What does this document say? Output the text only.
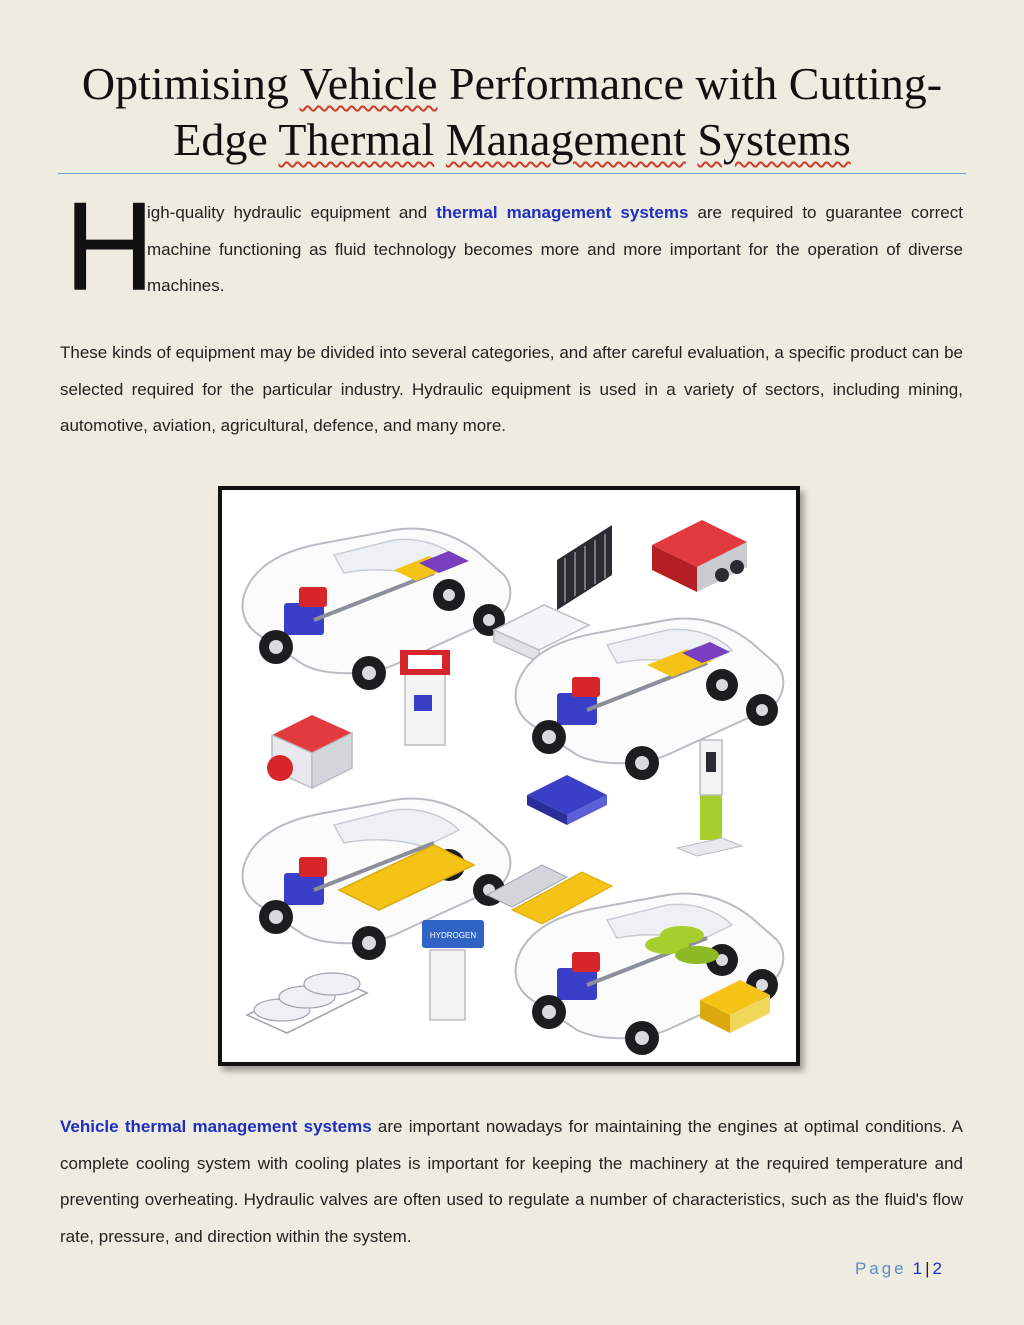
Optimising Vehicle Performance with Cutting-
Edge Thermal Management Systems
H

igh-quality hydraulic equipment and thermal management systems are required to guarantee correct machine functioning as fluid technology becomes more and more important for the operation of diverse machines.

These kinds of equipment may be divided into several categories, and after careful evaluation, a specific product can be selected required for the particular industry. Hydraulic equipment is used in a variety of sectors, including mining, automotive, aviation, agricultural, defence, and many more.

HYDROGEN

Vehicle thermal management systems are important nowadays for maintaining the engines at optimal conditions. A complete cooling system with cooling plates is important for keeping the machinery at the required temperature and preventing overheating. Hydraulic valves are often used to regulate a number of characteristics, such as the fluid's flow rate, pressure, and direction within the system.

Page 1 | 2
